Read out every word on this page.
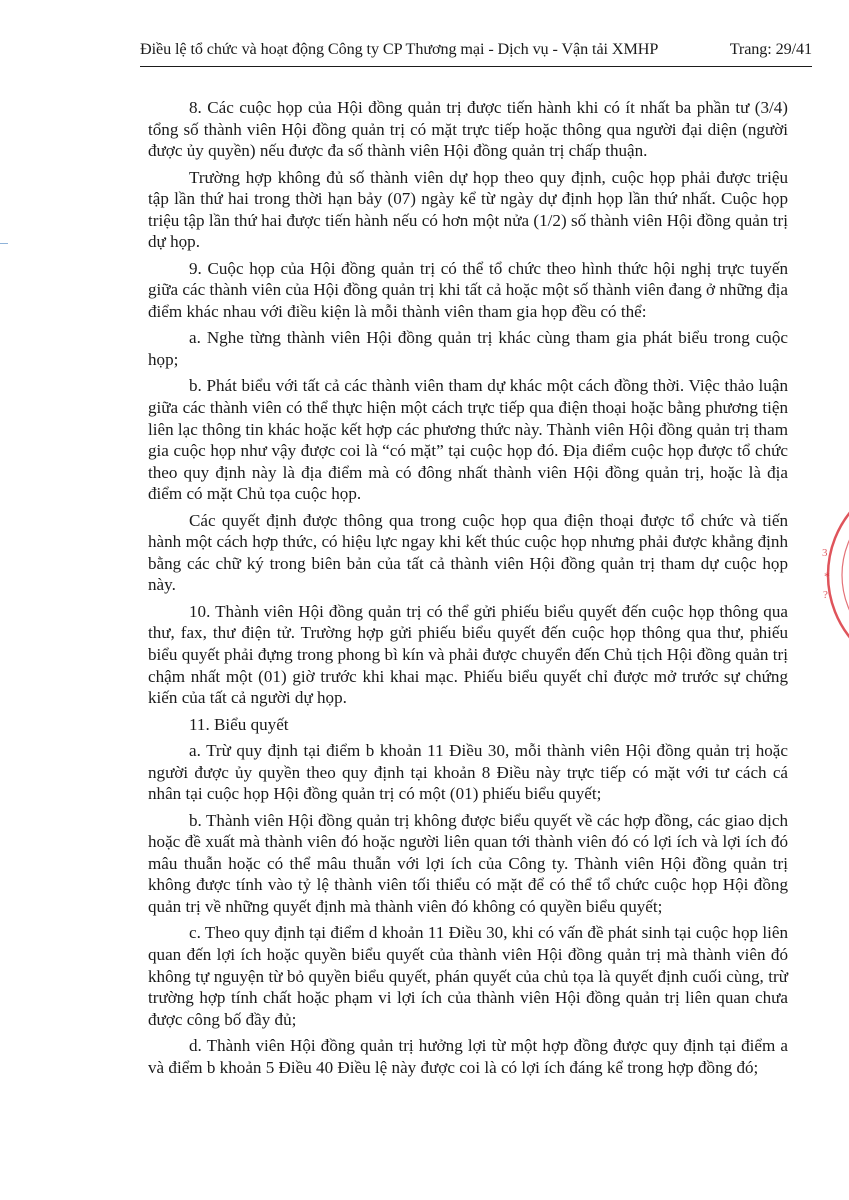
Điều lệ tổ chức và hoạt động Công ty CP Thương mại - Dịch vụ - Vận tải XMHP	Trang: 29/41

8. Các cuộc họp của Hội đồng quản trị được tiến hành khi có ít nhất ba phần tư (3/4) tổng số thành viên Hội đồng quản trị có mặt trực tiếp hoặc thông qua người đại diện (người được ủy quyền) nếu được đa số thành viên Hội đồng quản trị chấp thuận.

Trường hợp không đủ số thành viên dự họp theo quy định, cuộc họp phải được triệu tập lần thứ hai trong thời hạn bảy (07) ngày kể từ ngày dự định họp lần thứ nhất. Cuộc họp triệu tập lần thứ hai được tiến hành nếu có hơn một nửa (1/2) số thành viên Hội đồng quản trị dự họp.

9. Cuộc họp của Hội đồng quản trị có thể tổ chức theo hình thức hội nghị trực tuyến giữa các thành viên của Hội đồng quản trị khi tất cả hoặc một số thành viên đang ở những địa điểm khác nhau với điều kiện là mỗi thành viên tham gia họp đều có thể:

a. Nghe từng thành viên Hội đồng quản trị khác cùng tham gia phát biểu trong cuộc họp;

b. Phát biểu với tất cả các thành viên tham dự khác một cách đồng thời. Việc thảo luận giữa các thành viên có thể thực hiện một cách trực tiếp qua điện thoại hoặc bằng phương tiện liên lạc thông tin khác hoặc kết hợp các phương thức này. Thành viên Hội đồng quản trị tham gia cuộc họp như vậy được coi là “có mặt” tại cuộc họp đó. Địa điểm cuộc họp được tổ chức theo quy định này là địa điểm mà có đông nhất thành viên Hội đồng quản trị, hoặc là địa điểm có mặt Chủ tọa cuộc họp.

Các quyết định được thông qua trong cuộc họp qua điện thoại được tổ chức và tiến hành một cách hợp thức, có hiệu lực ngay khi kết thúc cuộc họp nhưng phải được khẳng định bằng các chữ ký trong biên bản của tất cả thành viên Hội đồng quản trị tham dự cuộc họp này.

10. Thành viên Hội đồng quản trị có thể gửi phiếu biểu quyết đến cuộc họp thông qua thư, fax, thư điện tử. Trường hợp gửi phiếu biểu quyết đến cuộc họp thông qua thư, phiếu biểu quyết phải đựng trong phong bì kín và phải được chuyển đến Chủ tịch Hội đồng quản trị chậm nhất một (01) giờ trước khi khai mạc. Phiếu biểu quyết chỉ được mở trước sự chứng kiến của tất cả người dự họp.

11. Biểu quyết

a. Trừ quy định tại điểm b khoản 11 Điều 30, mỗi thành viên Hội đồng quản trị hoặc người được ủy quyền theo quy định tại khoản 8 Điều này trực tiếp có mặt với tư cách cá nhân tại cuộc họp Hội đồng quản trị có một (01) phiếu biểu quyết;

b. Thành viên Hội đồng quản trị không được biểu quyết về các hợp đồng, các giao dịch hoặc đề xuất mà thành viên đó hoặc người liên quan tới thành viên đó có lợi ích và lợi ích đó mâu thuẫn hoặc có thể mâu thuẫn với lợi ích của Công ty. Thành viên Hội đồng quản trị không được tính vào tỷ lệ thành viên tối thiểu có mặt để có thể tổ chức cuộc họp Hội đồng quản trị về những quyết định mà thành viên đó không có quyền biểu quyết;

c. Theo quy định tại điểm d khoản 11 Điều 30, khi có vấn đề phát sinh tại cuộc họp liên quan đến lợi ích hoặc quyền biểu quyết của thành viên Hội đồng quản trị mà thành viên đó không tự nguyện từ bỏ quyền biểu quyết, phán quyết của chủ tọa là quyết định cuối cùng, trừ trường hợp tính chất hoặc phạm vi lợi ích của thành viên Hội đồng quản trị liên quan chưa được công bố đầy đủ;

d. Thành viên Hội đồng quản trị hưởng lợi từ một hợp đồng được quy định tại điểm a và điểm b khoản 5 Điều 40 Điều lệ này được coi là có lợi ích đáng kể trong hợp đồng đó;

3
*
?
